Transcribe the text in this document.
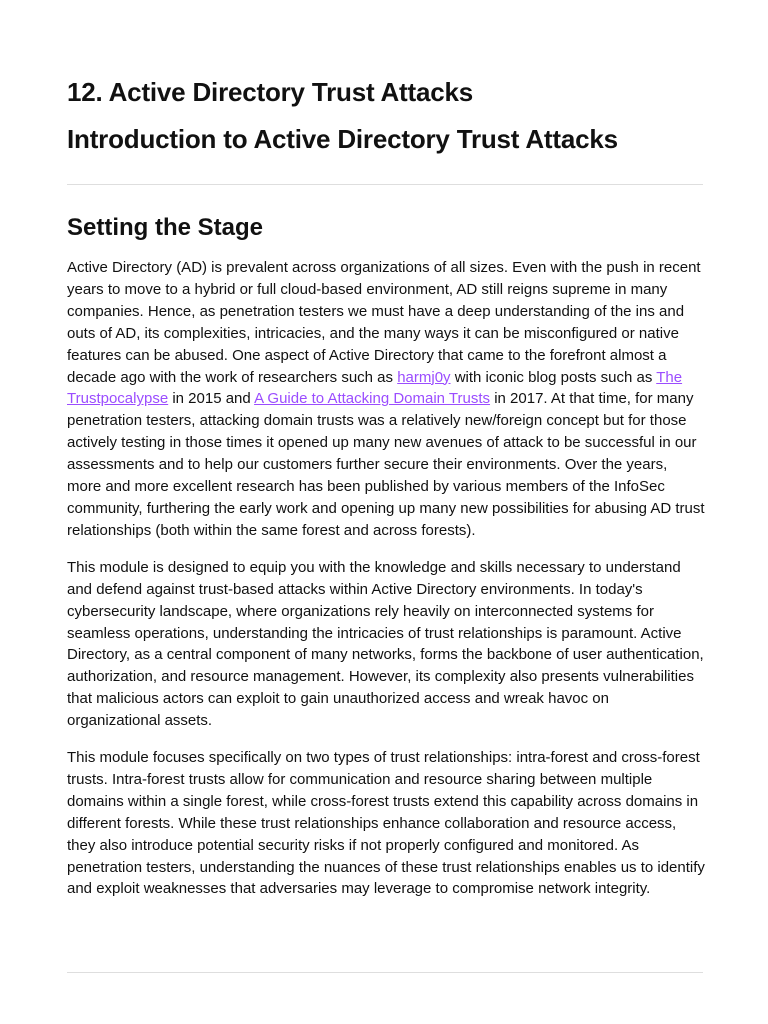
12. Active Directory Trust Attacks
Introduction to Active Directory Trust Attacks
Setting the Stage

Active Directory (AD) is prevalent across organizations of all sizes. Even with the push in recent years to move to a hybrid or full cloud-based environment, AD still reigns supreme in many companies. Hence, as penetration testers we must have a deep understanding of the ins and outs of AD, its complexities, intricacies, and the many ways it can be misconfigured or native features can be abused. One aspect of Active Directory that came to the forefront almost a decade ago with the work of researchers such as harmj0y with iconic blog posts such as The Trustpocalypse in 2015 and A Guide to Attacking Domain Trusts in 2017. At that time, for many penetration testers, attacking domain trusts was a relatively new/foreign concept but for those actively testing in those times it opened up many new avenues of attack to be successful in our assessments and to help our customers further secure their environments. Over the years, more and more excellent research has been published by various members of the InfoSec community, furthering the early work and opening up many new possibilities for abusing AD trust relationships (both within the same forest and across forests).

This module is designed to equip you with the knowledge and skills necessary to understand and defend against trust-based attacks within Active Directory environments. In today's cybersecurity landscape, where organizations rely heavily on interconnected systems for seamless operations, understanding the intricacies of trust relationships is paramount. Active Directory, as a central component of many networks, forms the backbone of user authentication, authorization, and resource management. However, its complexity also presents vulnerabilities that malicious actors can exploit to gain unauthorized access and wreak havoc on organizational assets.

This module focuses specifically on two types of trust relationships: intra-forest and cross-forest trusts. Intra-forest trusts allow for communication and resource sharing between multiple domains within a single forest, while cross-forest trusts extend this capability across domains in different forests. While these trust relationships enhance collaboration and resource access, they also introduce potential security risks if not properly configured and monitored. As penetration testers, understanding the nuances of these trust relationships enables us to identify and exploit weaknesses that adversaries may leverage to compromise network integrity.
